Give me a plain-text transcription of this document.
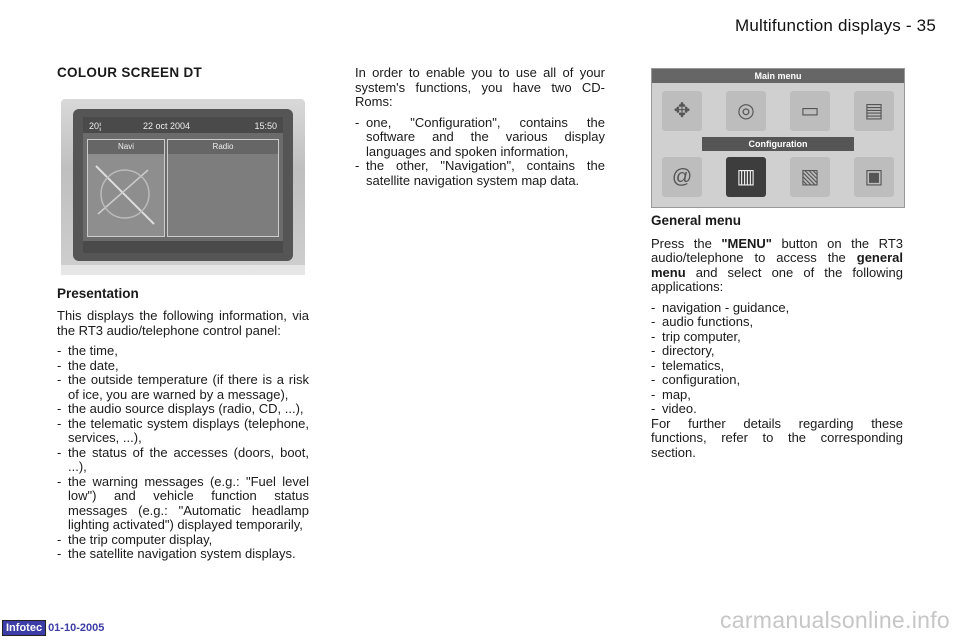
Multifunction displays - 35
COLOUR SCREEN DT
20¦	22 oct 2004	15:50
Navi	Radio
Presentation

This displays the following information, via the RT3 audio/telephone control panel:

- the time,
- the date,
- the outside temperature (if there is a risk of ice, you are warned by a message),
- the audio source displays (radio, CD, ...),
- the telematic system displays (telephone, services, ...),
- the status of the accesses (doors, boot, ...),
- the warning messages (e.g.: "Fuel level low") and vehicle function status messages (e.g.: "Automatic headlamp lighting activated") displayed temporarily,
- the trip computer display,
- the satellite navigation system displays.

In order to enable you to use all of your system's functions, you have two CD-Roms:

- one, "Configuration", contains the software and the various display languages and spoken information,
- the other, "Navigation", contains the satellite navigation system map data.
Main menu
✥	◎	▭	▤
Configuration
@	▥	▧	▣
General menu

Press the "MENU" button on the RT3 audio/telephone to access the general menu and select one of the following applications:

- navigation - guidance,
- audio functions,
- trip computer,
- directory,
- telematics,
- configuration,
- map,
- video.

For further details regarding these functions, refer to the corresponding section.

Infotec 01-10-2005	carmanualsonline.info
